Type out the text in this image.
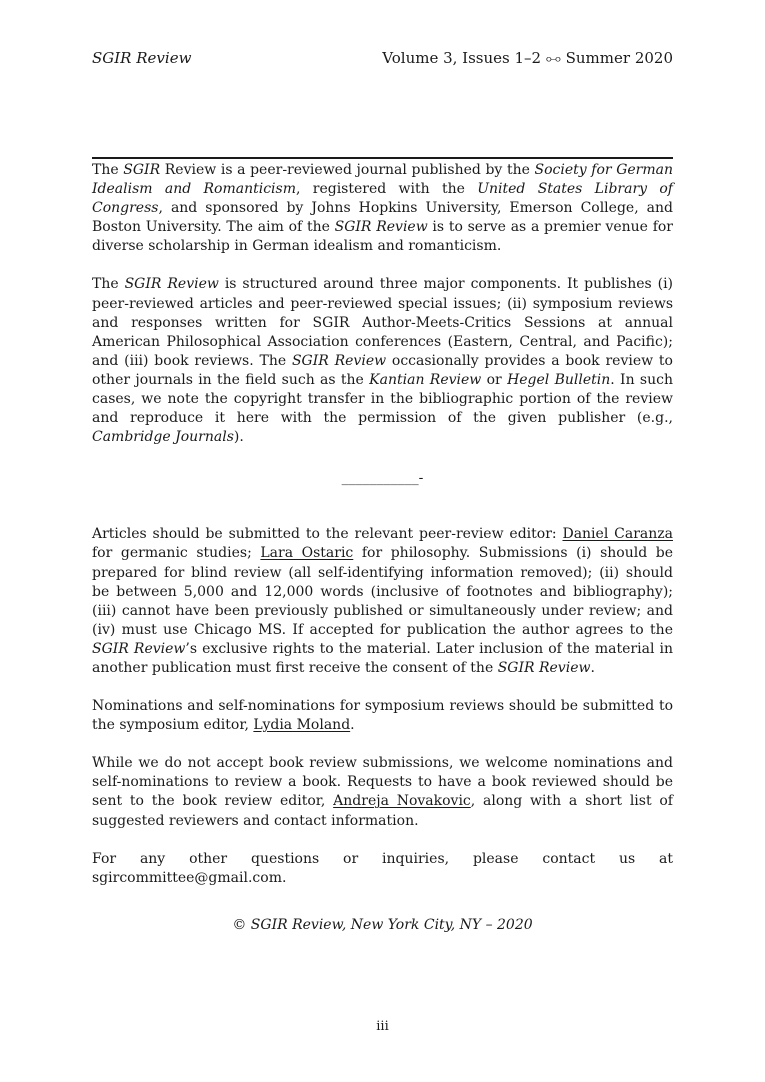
SGIR Review	Volume 3, Issues 1–2 ⧟ Summer 2020

The SGIR Review is a peer-reviewed journal published by the Society for German Idealism and Romanticism, registered with the United States Library of Congress, and sponsored by Johns Hopkins University, Emerson College, and Boston University. The aim of the SGIR Review is to serve as a premier venue for diverse scholarship in German idealism and romanticism.

The SGIR Review is structured around three major components. It publishes (i) peer-reviewed articles and peer-reviewed special issues; (ii) symposium reviews and responses written for SGIR Author-Meets-Critics Sessions at annual American Philosophical Association conferences (Eastern, Central, and Pacific); and (iii) book reviews. The SGIR Review occasionally provides a book review to other journals in the field such as the Kantian Review or Hegel Bulletin. In such cases, we note the copyright transfer in the bibliographic portion of the review and reproduce it here with the permission of the given publisher (e.g., Cambridge Journals).

___________-

Articles should be submitted to the relevant peer-review editor: Daniel Caranza for germanic studies; Lara Ostaric for philosophy. Submissions (i) should be prepared for blind review (all self-identifying information removed); (ii) should be between 5,000 and 12,000 words (inclusive of footnotes and bibliography); (iii) cannot have been previously published or simultaneously under review; and (iv) must use Chicago MS. If accepted for publication the author agrees to the SGIR Review’s exclusive rights to the material. Later inclusion of the material in another publication must first receive the consent of the SGIR Review.

Nominations and self-nominations for symposium reviews should be submitted to the symposium editor, Lydia Moland.

While we do not accept book review submissions, we welcome nominations and self-nominations to review a book. Requests to have a book reviewed should be sent to the book review editor, Andreja Novakovic, along with a short list of suggested reviewers and contact information.

For any other questions or inquiries, please contact us at sgircommittee@gmail.com.

© SGIR Review, New York City, NY – 2020
iii
